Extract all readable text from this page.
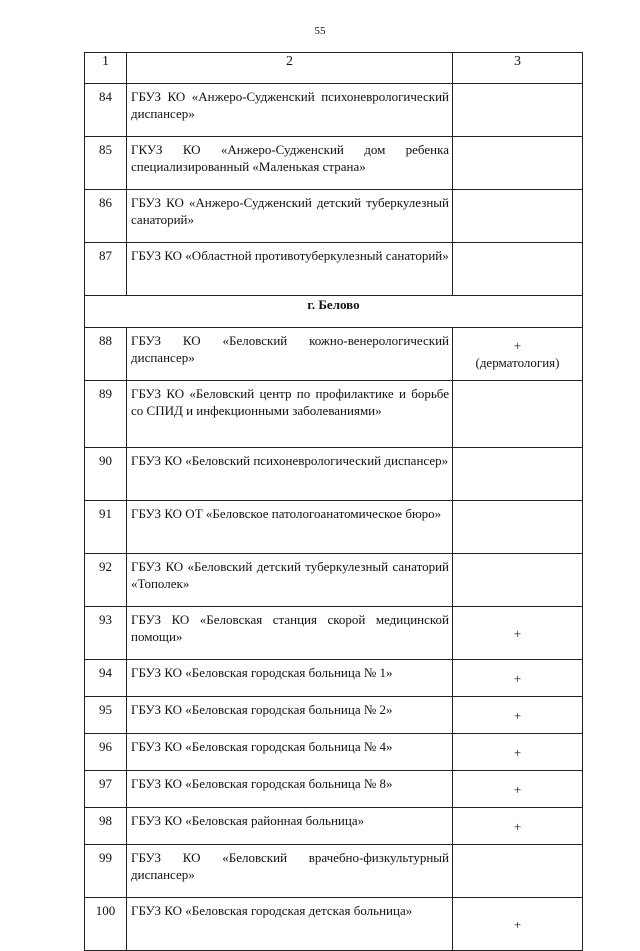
55
1	2	3
84	ГБУЗ КО «Анжеро-Судженский психоневрологический диспансер»	
85	ГКУЗ КО «Анжеро-Судженский дом ребенка специализированный «Маленькая страна»	
86	ГБУЗ КО «Анжеро-Судженский детский туберкулезный санаторий»	
87	ГБУЗ КО «Областной противотуберкулезный санаторий»	
г. Белово		
88	ГБУЗ КО «Беловский кожно-венерологический диспансер»	+
(дерматология)

89	ГБУЗ КО «Беловский центр по профилактике и борьбе со СПИД и инфекционными заболеваниями»	
90	ГБУЗ КО «Беловский психоневрологический диспансер»	
91	ГБУЗ КО ОТ «Беловское патологоанатомическое бюро»	
92	ГБУЗ КО «Беловский детский туберкулезный санаторий «Тополек»	
93	ГБУЗ КО «Беловская станция скорой медицинской помощи»	+
94	ГБУЗ КО «Беловская городская больница № 1»	+
95	ГБУЗ КО «Беловская городская больница № 2»	+
96	ГБУЗ КО «Беловская городская больница № 4»	+
97	ГБУЗ КО «Беловская городская больница № 8»	+
98	ГБУЗ КО «Беловская районная больница»	+
99	ГБУЗ КО «Беловский врачебно-физкультурный диспансер»	
100	ГБУЗ КО «Беловская городская детская больница»	+
